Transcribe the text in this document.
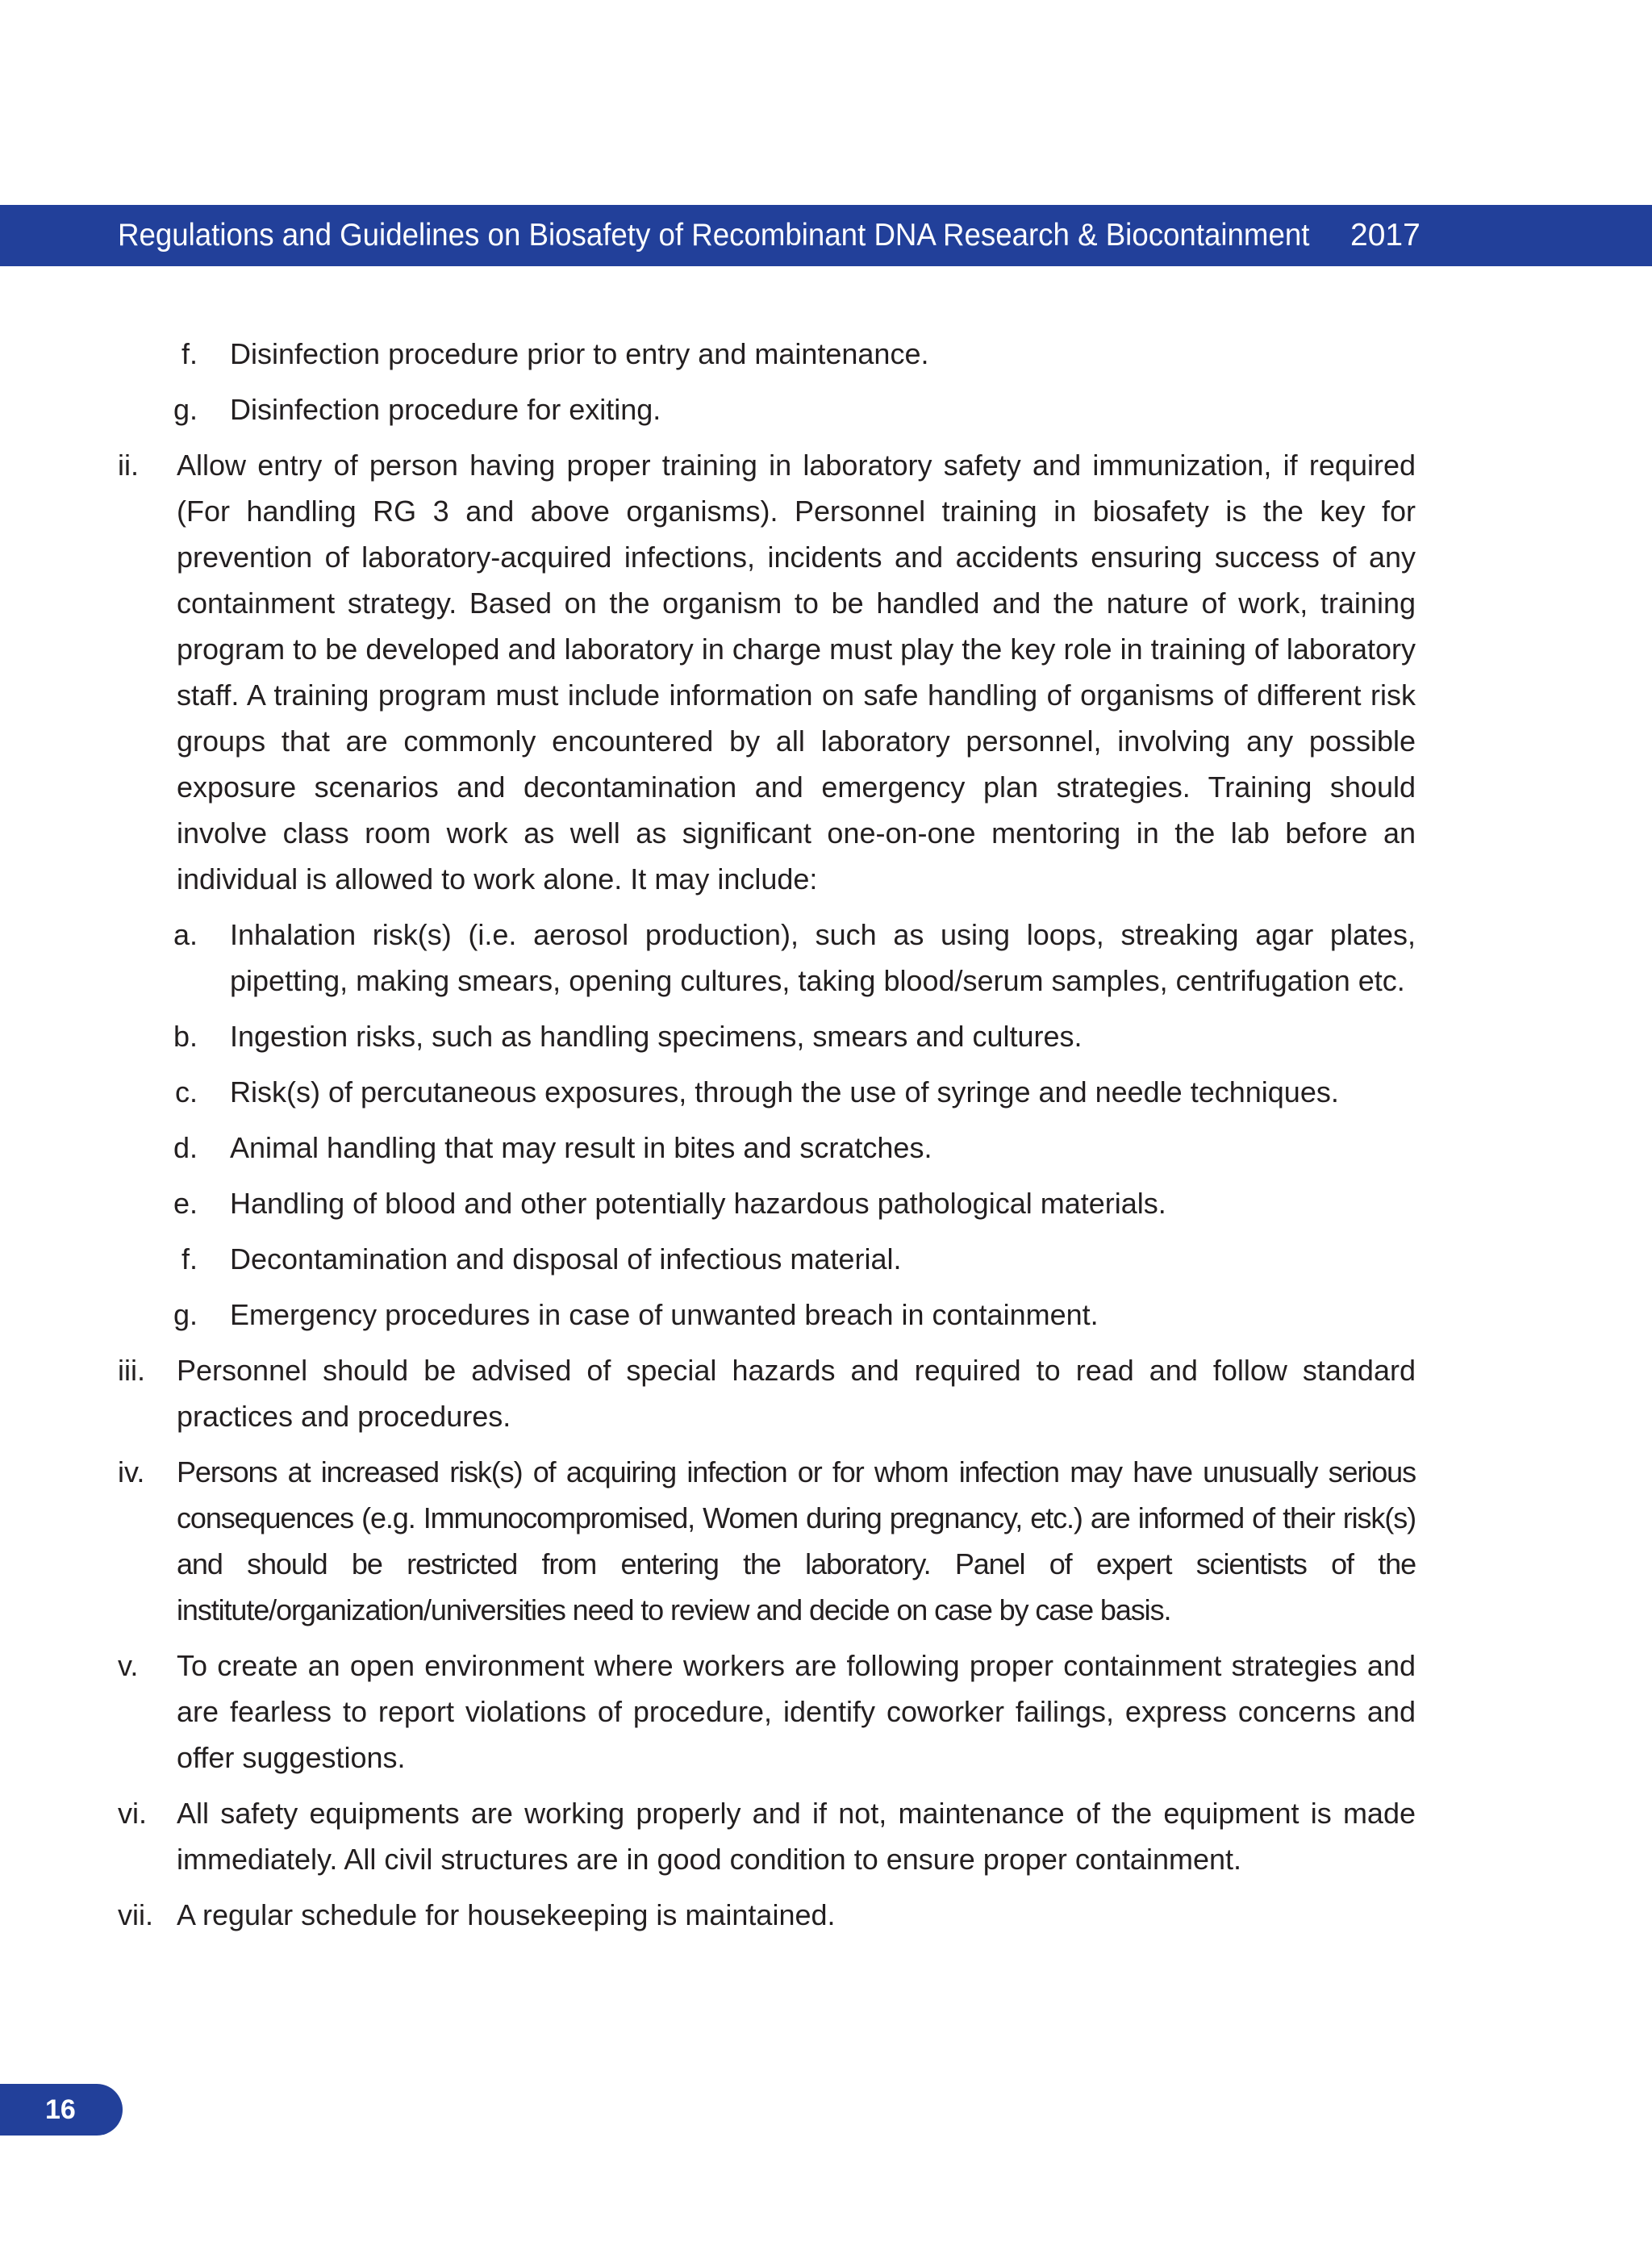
Regulations and Guidelines on Biosafety of Recombinant DNA Research & Biocontainment 2017
f. Disinfection procedure prior to entry and maintenance.
g. Disinfection procedure for exiting.
ii. Allow entry of person having proper training in laboratory safety and immunization, if required (For handling RG 3 and above organisms). Personnel training in biosafety is the key for prevention of laboratory-acquired infections, incidents and accidents ensuring success of any containment strategy. Based on the organism to be handled and the nature of work, training program to be developed and laboratory in charge must play the key role in training of laboratory staff. A training program must include information on safe handling of organisms of different risk groups that are commonly encountered by all laboratory personnel, involving any possible exposure scenarios and decontamination and emergency plan strategies. Training should involve class room work as well as significant one-on-one mentoring in the lab before an individual is allowed to work alone. It may include:
a. Inhalation risk(s) (i.e. aerosol production), such as using loops, streaking agar plates, pipetting, making smears, opening cultures, taking blood/serum samples, centrifugation etc.
b. Ingestion risks, such as handling specimens, smears and cultures.
c. Risk(s) of percutaneous exposures, through the use of syringe and needle techniques.
d. Animal handling that may result in bites and scratches.
e. Handling of blood and other potentially hazardous pathological materials.
f. Decontamination and disposal of infectious material.
g. Emergency procedures in case of unwanted breach in containment.
iii. Personnel should be advised of special hazards and required to read and follow standard practices and procedures.
iv. Persons at increased risk(s) of acquiring infection or for whom infection may have unusually serious consequences (e.g. Immunocompromised, Women during pregnancy, etc.) are informed of their risk(s) and should be restricted from entering the laboratory. Panel of expert scientists of the institute/organization/universities need to review and decide on case by case basis.
v. To create an open environment where workers are following proper containment strategies and are fearless to report violations of procedure, identify coworker failings, express concerns and offer suggestions.
vi. All safety equipments are working properly and if not, maintenance of the equipment is made immediately. All civil structures are in good condition to ensure proper containment.
vii. A regular schedule for housekeeping is maintained.
16
